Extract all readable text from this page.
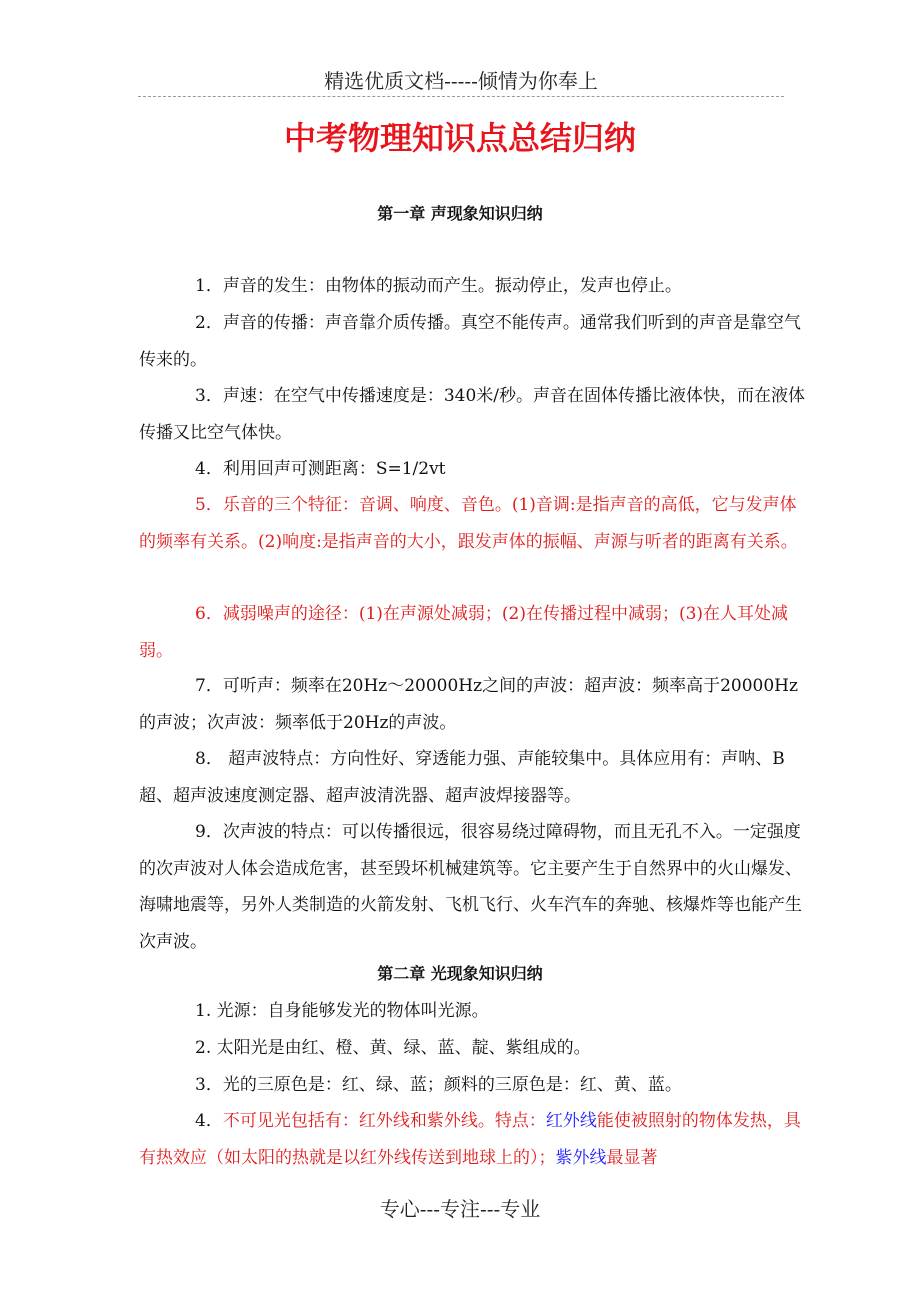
精选优质文档-----倾情为你奉上
中考物理知识点总结归纳
第一章 声现象知识归纳
1．声音的发生：由物体的振动而产生。振动停止，发声也停止。
2．声音的传播：声音靠介质传播。真空不能传声。通常我们听到的声音是靠空气传来的。
3．声速：在空气中传播速度是：340米/秒。声音在固体传播比液体快，而在液体传播又比空气体快。
4．利用回声可测距离：S=1/2vt
5．乐音的三个特征：音调、响度、音色。(1)音调:是指声音的高低，它与发声体的频率有关系。(2)响度:是指声音的大小，跟发声体的振幅、声源与听者的距离有关系。
6．减弱噪声的途径：(1)在声源处减弱；(2)在传播过程中减弱；(3)在人耳处减弱。
7．可听声：频率在20Hz～20000Hz之间的声波：超声波：频率高于20000Hz的声波；次声波：频率低于20Hz的声波。
8． 超声波特点：方向性好、穿透能力强、声能较集中。具体应用有：声呐、B超、超声波速度测定器、超声波清洗器、超声波焊接器等。
9．次声波的特点：可以传播很远，很容易绕过障碍物，而且无孔不入。一定强度的次声波对人体会造成危害，甚至毁坏机械建筑等。它主要产生于自然界中的火山爆发、海啸地震等，另外人类制造的火箭发射、飞机飞行、火车汽车的奔驰、核爆炸等也能产生次声波。
第二章 光现象知识归纳
1. 光源：自身能够发光的物体叫光源。
2. 太阳光是由红、橙、黄、绿、蓝、靛、紫组成的。
3．光的三原色是：红、绿、蓝；颜料的三原色是：红、黄、蓝。
4．不可见光包括有：红外线和紫外线。特点：红外线能使被照射的物体发热，具有热效应（如太阳的热就是以红外线传送到地球上的）；紫外线最显著
专心---专注---专业
